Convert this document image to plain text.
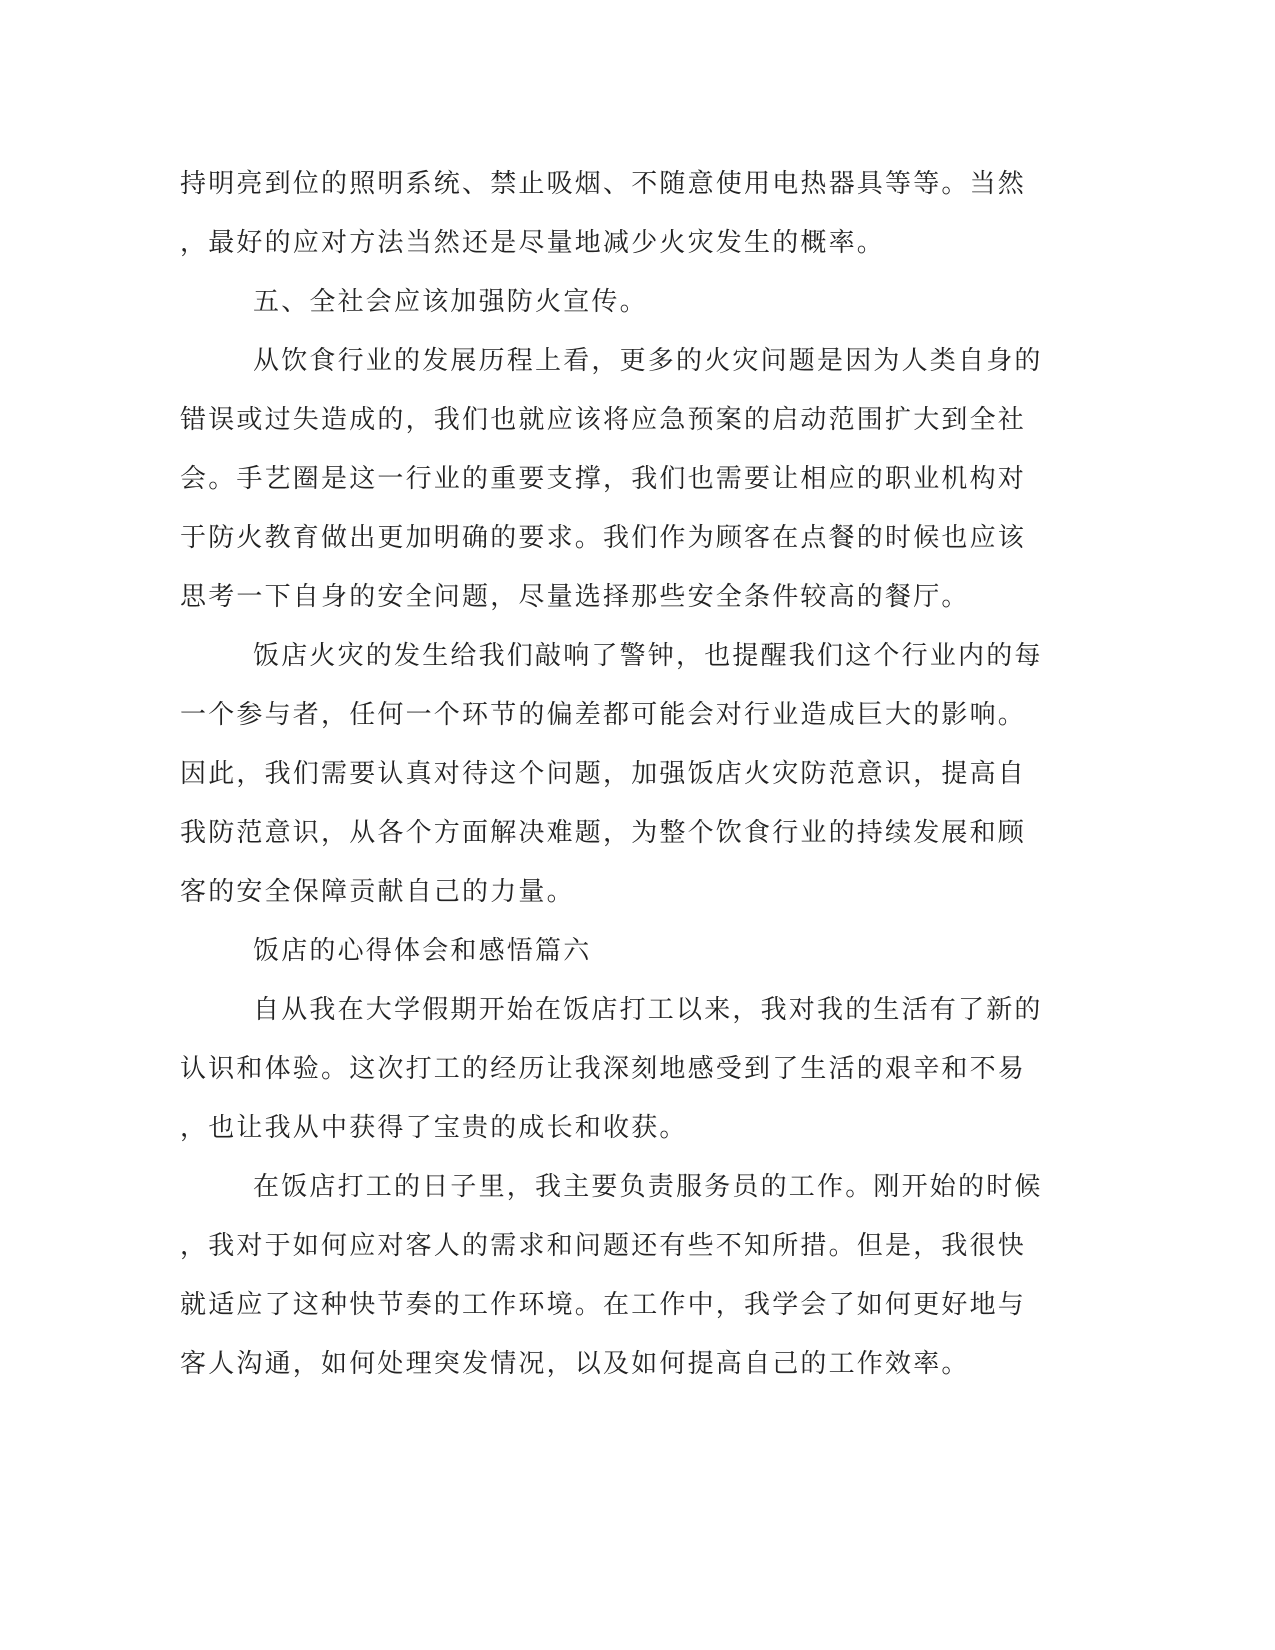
持明亮到位的照明系统、禁止吸烟、不随意使用电热器具等等。当然
，最好的应对方法当然还是尽量地减少火灾发生的概率。
五、全社会应该加强防火宣传。
从饮食行业的发展历程上看，更多的火灾问题是因为人类自身的
错误或过失造成的，我们也就应该将应急预案的启动范围扩大到全社
会。手艺圈是这一行业的重要支撑，我们也需要让相应的职业机构对
于防火教育做出更加明确的要求。我们作为顾客在点餐的时候也应该
思考一下自身的安全问题，尽量选择那些安全条件较高的餐厅。
饭店火灾的发生给我们敲响了警钟，也提醒我们这个行业内的每
一个参与者，任何一个环节的偏差都可能会对行业造成巨大的影响。
因此，我们需要认真对待这个问题，加强饭店火灾防范意识，提高自
我防范意识，从各个方面解决难题，为整个饮食行业的持续发展和顾
客的安全保障贡献自己的力量。
饭店的心得体会和感悟篇六
自从我在大学假期开始在饭店打工以来，我对我的生活有了新的
认识和体验。这次打工的经历让我深刻地感受到了生活的艰辛和不易
，也让我从中获得了宝贵的成长和收获。
在饭店打工的日子里，我主要负责服务员的工作。刚开始的时候
，我对于如何应对客人的需求和问题还有些不知所措。但是，我很快
就适应了这种快节奏的工作环境。在工作中，我学会了如何更好地与
客人沟通，如何处理突发情况，以及如何提高自己的工作效率。
